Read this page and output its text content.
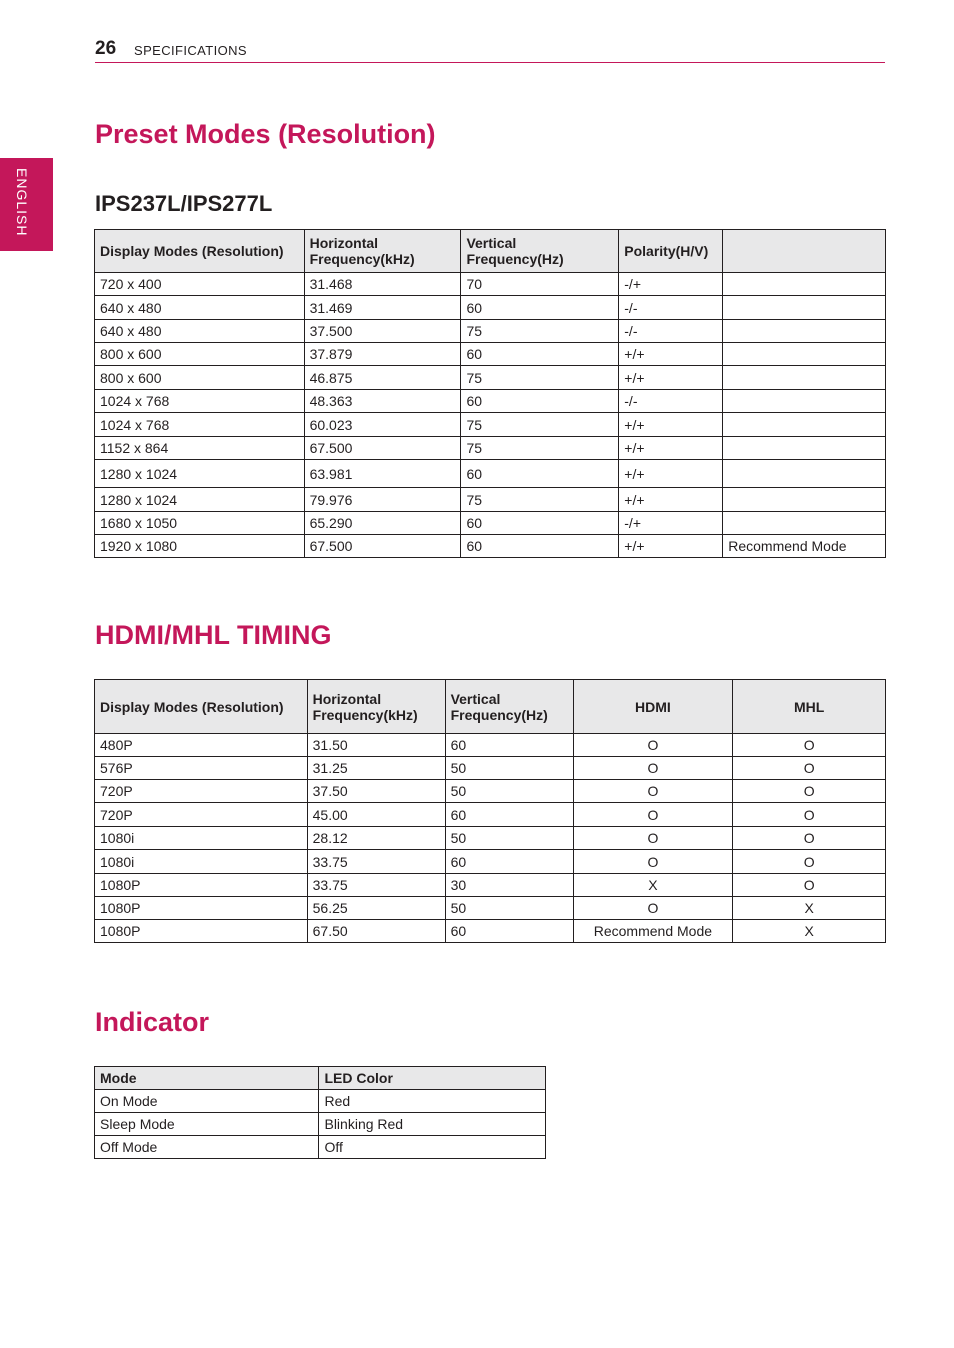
26 SPECIFICATIONS
ENGLISH
Preset Modes (Resolution)
IPS237L/IPS277L
Display Modes (Resolution)	Horizontal Frequency(kHz)	Vertical Frequency(Hz)	Polarity(H/V)	
720 x 400	31.468	70	-/+	
640 x 480	31.469	60	-/-	
640 x 480	37.500	75	-/-	
800 x 600	37.879	60	+/+	
800 x 600	46.875	75	+/+	
1024 x 768	48.363	60	-/-	
1024 x 768	60.023	75	+/+	
1152 x 864	67.500	75	+/+	
1280 x 1024	63.981	60	+/+	
1280 x 1024	79.976	75	+/+	
1680 x 1050	65.290	60	-/+	
1920 x 1080	67.500	60	+/+	Recommend Mode
HDMI/MHL TIMING
Display Modes (Resolution)	Horizontal Frequency(kHz)	Vertical Frequency(Hz)	HDMI	MHL
480P	31.50	60	O	O
576P	31.25	50	O	O
720P	37.50	50	O	O
720P	45.00	60	O	O
1080i	28.12	50	O	O
1080i	33.75	60	O	O
1080P	33.75	30	X	O
1080P	56.25	50	O	X
1080P	67.50	60	Recommend Mode	X
Indicator
Mode	LED Color
On Mode	Red
Sleep Mode	Blinking Red
Off Mode	Off
